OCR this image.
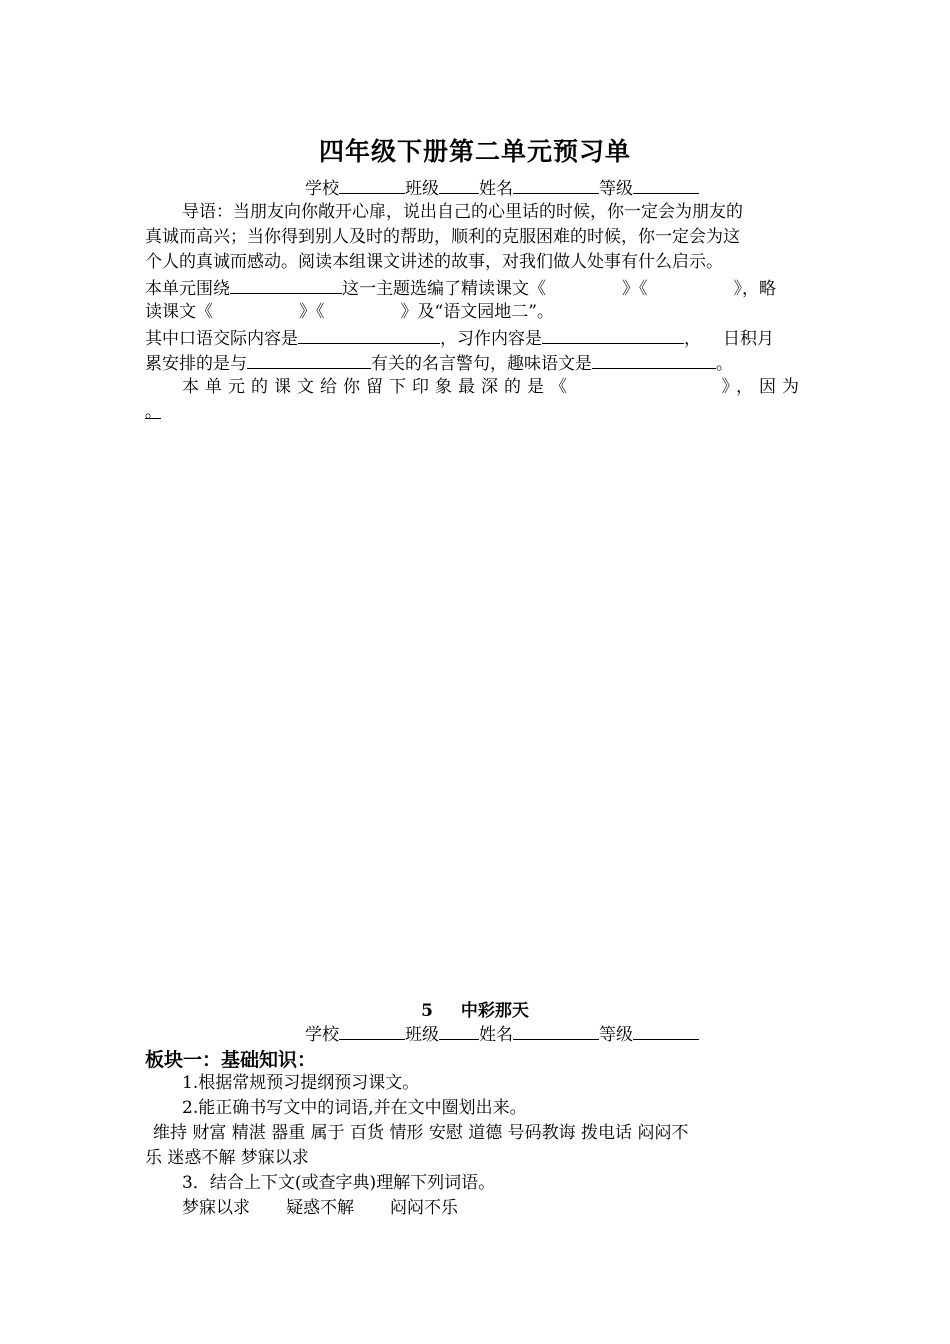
四年级下册第二单元预习单
学校	班级 姓名	等级
导语：当朋友向你敞开心扉，说出自己的心里话的时候，你一定会为朋友的
真诚而高兴；当你得到别人及时的帮助，顺利的克服困难的时候，你一定会为这
个人的真诚而感动。阅读本组课文讲述的故事，对我们做人处事有什么启示。
本单元围绕	这一主题选编了精读课文《	》《	》，略
读课文《	》《	》及“语文园地二”。
其中口语交际内容是	，习作内容是	， 日积月
累安排的是与	有关的名言警句，趣味语文是	。
本单元的课文给你留下印象最深的是《	》，因为
。
5 中彩那天
学校	班级 姓名	等级
板块一：基础知识：
1.根据常规预习提纲预习课文。
2.能正确书写文中的词语,并在文中圈划出来。
维持 财富 精湛 器重 属于 百货 情形 安慰 道德 号码教诲 拨电话 闷闷不
乐 迷惑不解 梦寐以求
3．结合上下文(或查字典)理解下列词语。
梦寐以求 疑惑不解 闷闷不乐
